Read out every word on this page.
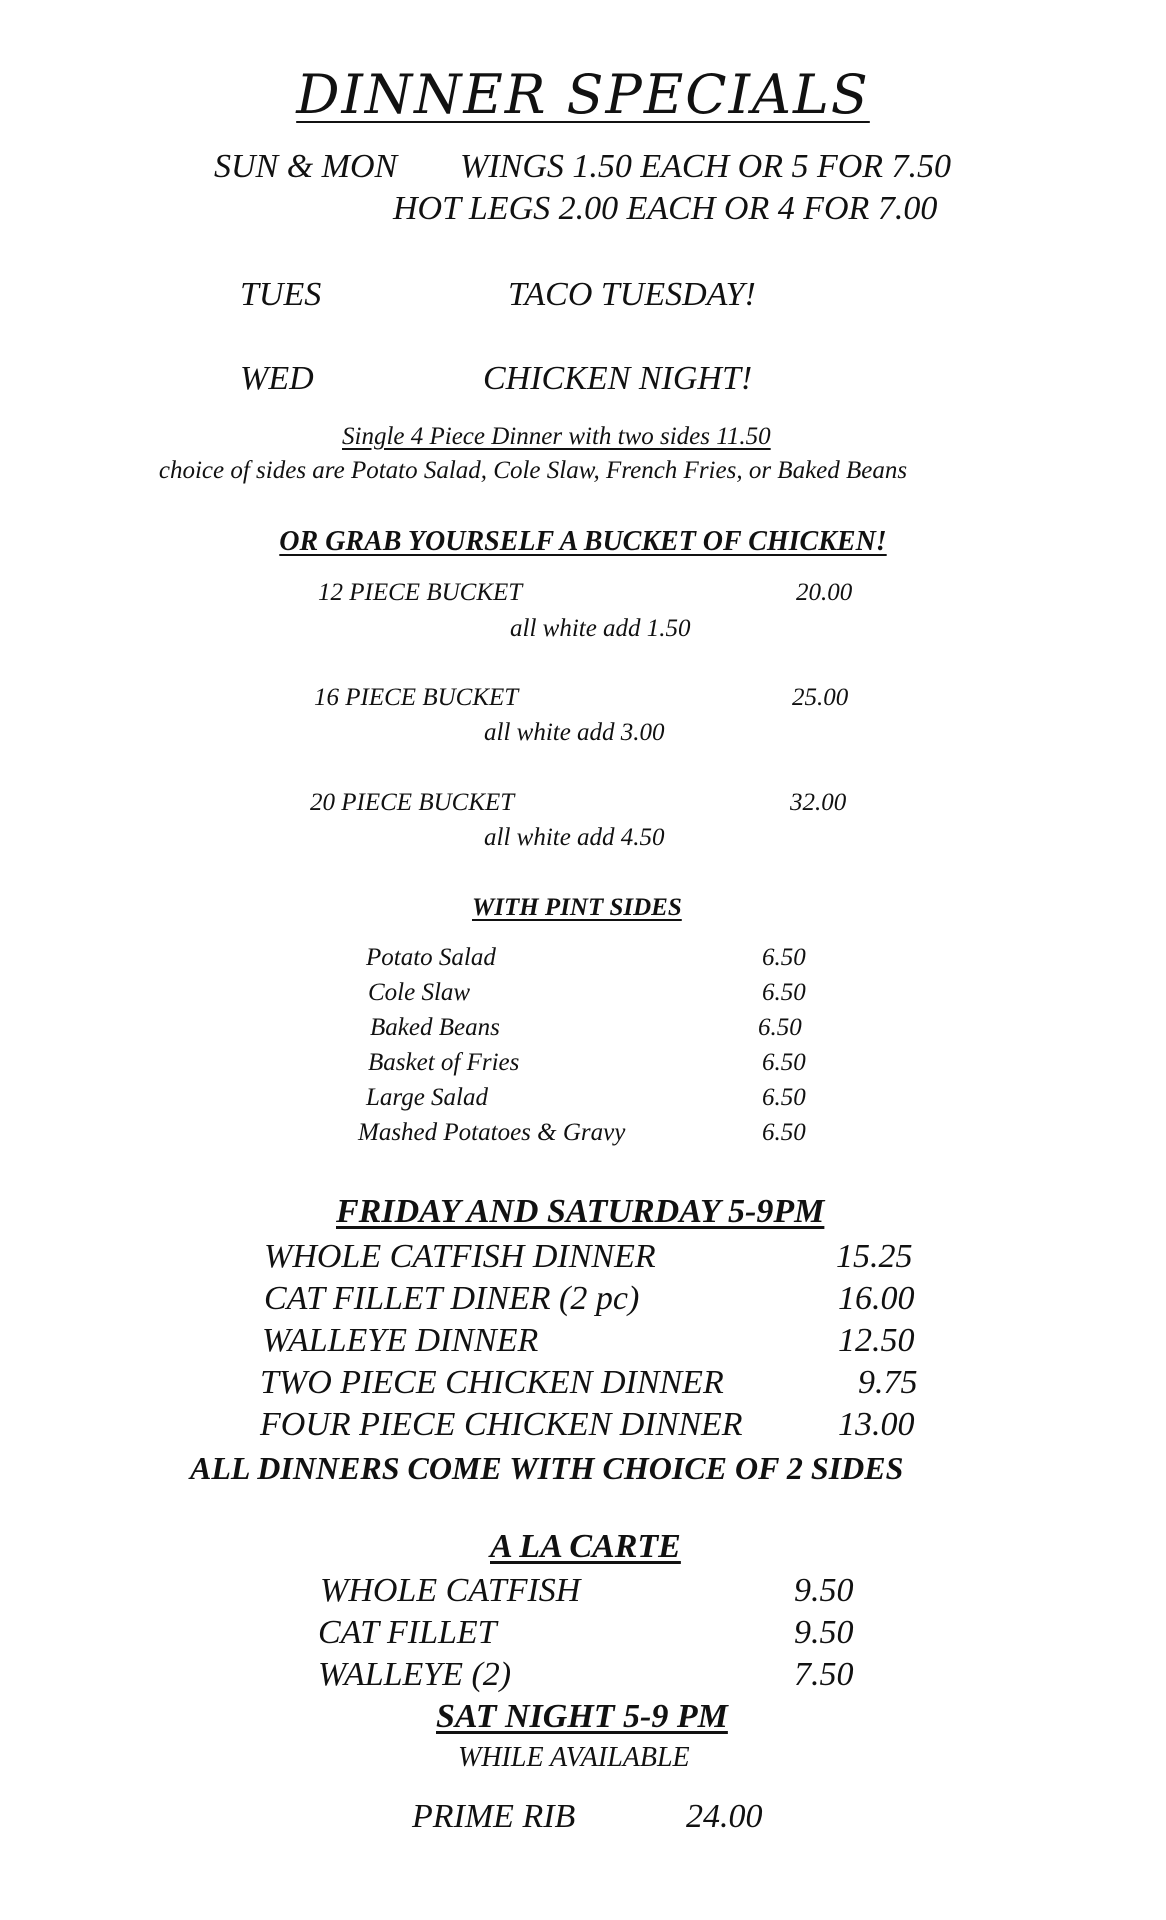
DINNER SPECIALS
SUN & MON WINGS 1.50 EACH OR 5 FOR 7.50
HOT LEGS 2.00 EACH OR 4 FOR 7.00
TUES	TACO TUESDAY!
WED	CHICKEN NIGHT!
Single 4 Piece Dinner with two sides 11.50
choice of sides are Potato Salad, Cole Slaw, French Fries, or Baked Beans
OR GRAB YOURSELF A BUCKET OF CHICKEN!
12 PIECE BUCKET	20.00
all white add 1.50
16 PIECE BUCKET	25.00
all white add 3.00
20 PIECE BUCKET	32.00
all white add 4.50
WITH PINT SIDES
Potato Salad	6.50
Cole Slaw	6.50
Baked Beans	6.50
Basket of Fries	6.50
Large Salad	6.50
Mashed Potatoes & Gravy	6.50
FRIDAY AND SATURDAY 5-9PM
WHOLE CATFISH DINNER	15.25
CAT FILLET DINER (2 pc)	16.00
WALLEYE DINNER	12.50
TWO PIECE CHICKEN DINNER	9.75
FOUR PIECE CHICKEN DINNER	13.00
ALL DINNERS COME WITH CHOICE OF 2 SIDES
A LA CARTE
WHOLE CATFISH	9.50
CAT FILLET	9.50
WALLEYE (2)	7.50
SAT NIGHT 5-9 PM
WHILE AVAILABLE
PRIME RIB	24.00
